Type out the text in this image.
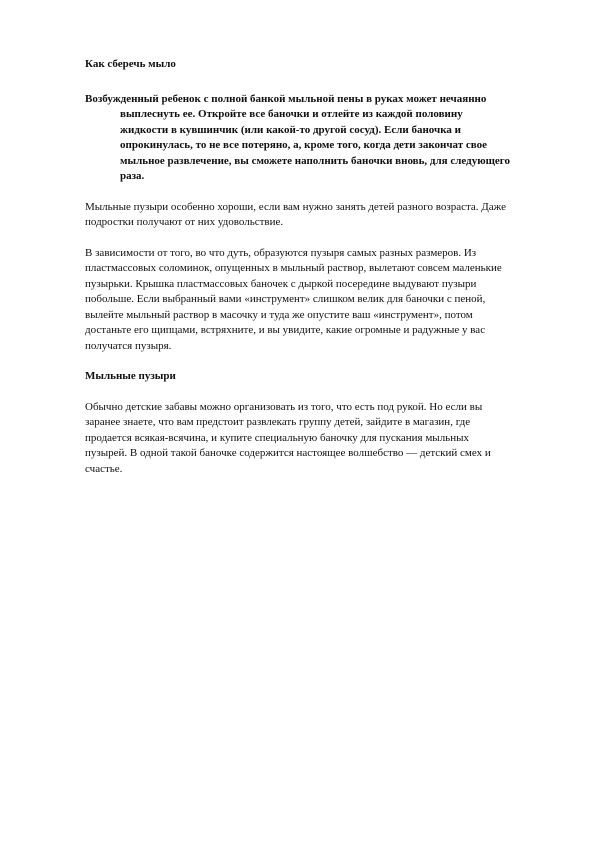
Как сберечь мыло

Возбужденный ребенок с полной банкой мыльной пены в руках может нечаянно выплеснуть ее. Откройте все баночки и отлейте из каждой половину жидкости в кувшинчик (или какой-то другой сосуд). Если баночка и опрокинулась, то не все потеряно, а, кроме того, когда дети закончат свое мыльное развлечение, вы сможете наполнить баночки вновь, для следующего раза.

Мыльные пузыри особенно хороши, если вам нужно занять детей разного возраста. Даже подростки получают от них удовольствие.

В зависимости от того, во что дуть, образуются пузыря самых разных размеров. Из пластмассовых соломинок, опущенных в мыльный раствор, вылетают совсем маленькие пузырьки. Крышка пластмассовых баночек с дыркой посередине выдувают пузыри побольше. Если выбранный вами «инструмент» слишком велик для баночки с пеной, вылейте мыльный раствор в масочку и туда же опустите ваш «инструмент», потом достаньте его щипцами, встряхните, и вы увидите, какие огромные и радужные у вас получатся пузыря.

Мыльные пузыри

Обычно детские забавы можно организовать из того, что есть под рукой. Но если вы заранее знаете, что вам предстоит развлекать группу детей, зайдите в магазин, где продается всякая-всячина, и купите специальную баночку для пускания мыльных пузырей. В одной такой баночке содержится настоящее волшебство — детский смех и счастье.
